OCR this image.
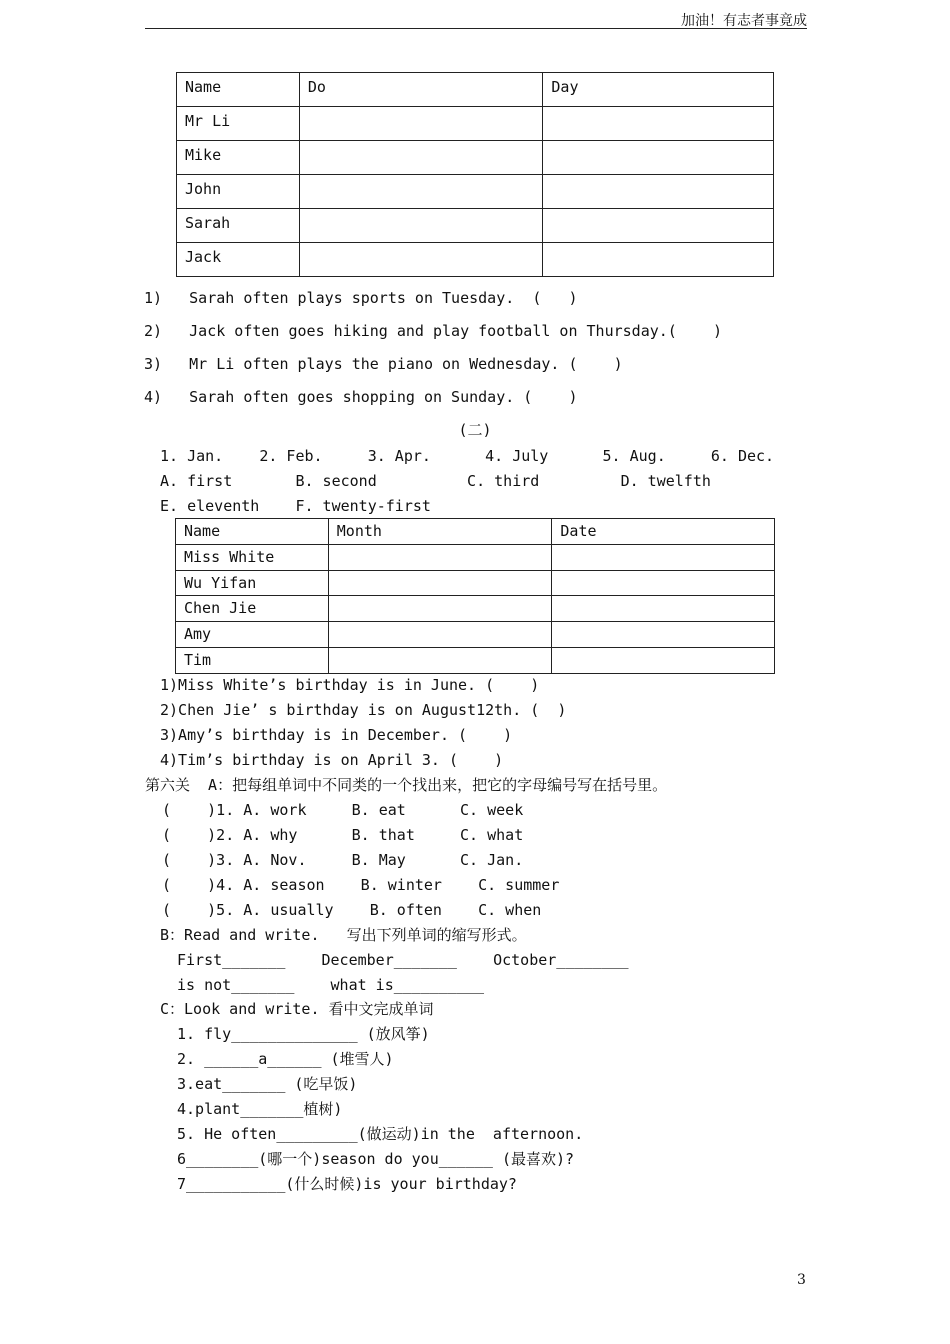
加油！有志者事竟成
Name	Do	Day
Mr Li		
Mike		
John		
Sarah		
Jack		
1)   Sarah often plays sports on Tuesday.  (   )
2)   Jack often goes hiking and play football on Thursday.(    )
3)   Mr Li often plays the piano on Wednesday. (    )
4)   Sarah often goes shopping on Sunday. (    )
(二)
1. Jan.    2. Feb.     3. Apr.      4. July      5. Aug.     6. Dec.
A. first       B. second          C. third         D. twelfth
E. eleventh    F. twenty-first
Name	Month	Date
Miss White		
Wu Yifan		
Chen Jie		
Amy		
Tim		
1)Miss White’s birthday is in June. (    )
2)Chen Jie’ s birthday is on August12th. (  )
3)Amy’s birthday is in December. (    )
4)Tim’s birthday is on April 3. (    )
第六关  A：把每组单词中不同类的一个找出来，把它的字母编号写在括号里。
(    )1. A. work     B. eat      C. week
(    )2. A. why      B. that     C. what
(    )3. A. Nov.     B. May      C. Jan.
(    )4. A. season    B. winter    C. summer
(    )5. A. usually    B. often    C. when
B：Read and write.   写出下列单词的缩写形式。
First_______    December_______    October________
is not_______    what is__________
C：Look and write. 看中文完成单词
1. fly______________ (放风筝)
2. ______a______ (堆雪人)
3.eat_______ (吃早饭)
4.plant_______植树)
5. He often_________(做运动)in the  afternoon.
6________(哪一个)season do you______ (最喜欢)?
7___________(什么时候)is your birthday?
3
